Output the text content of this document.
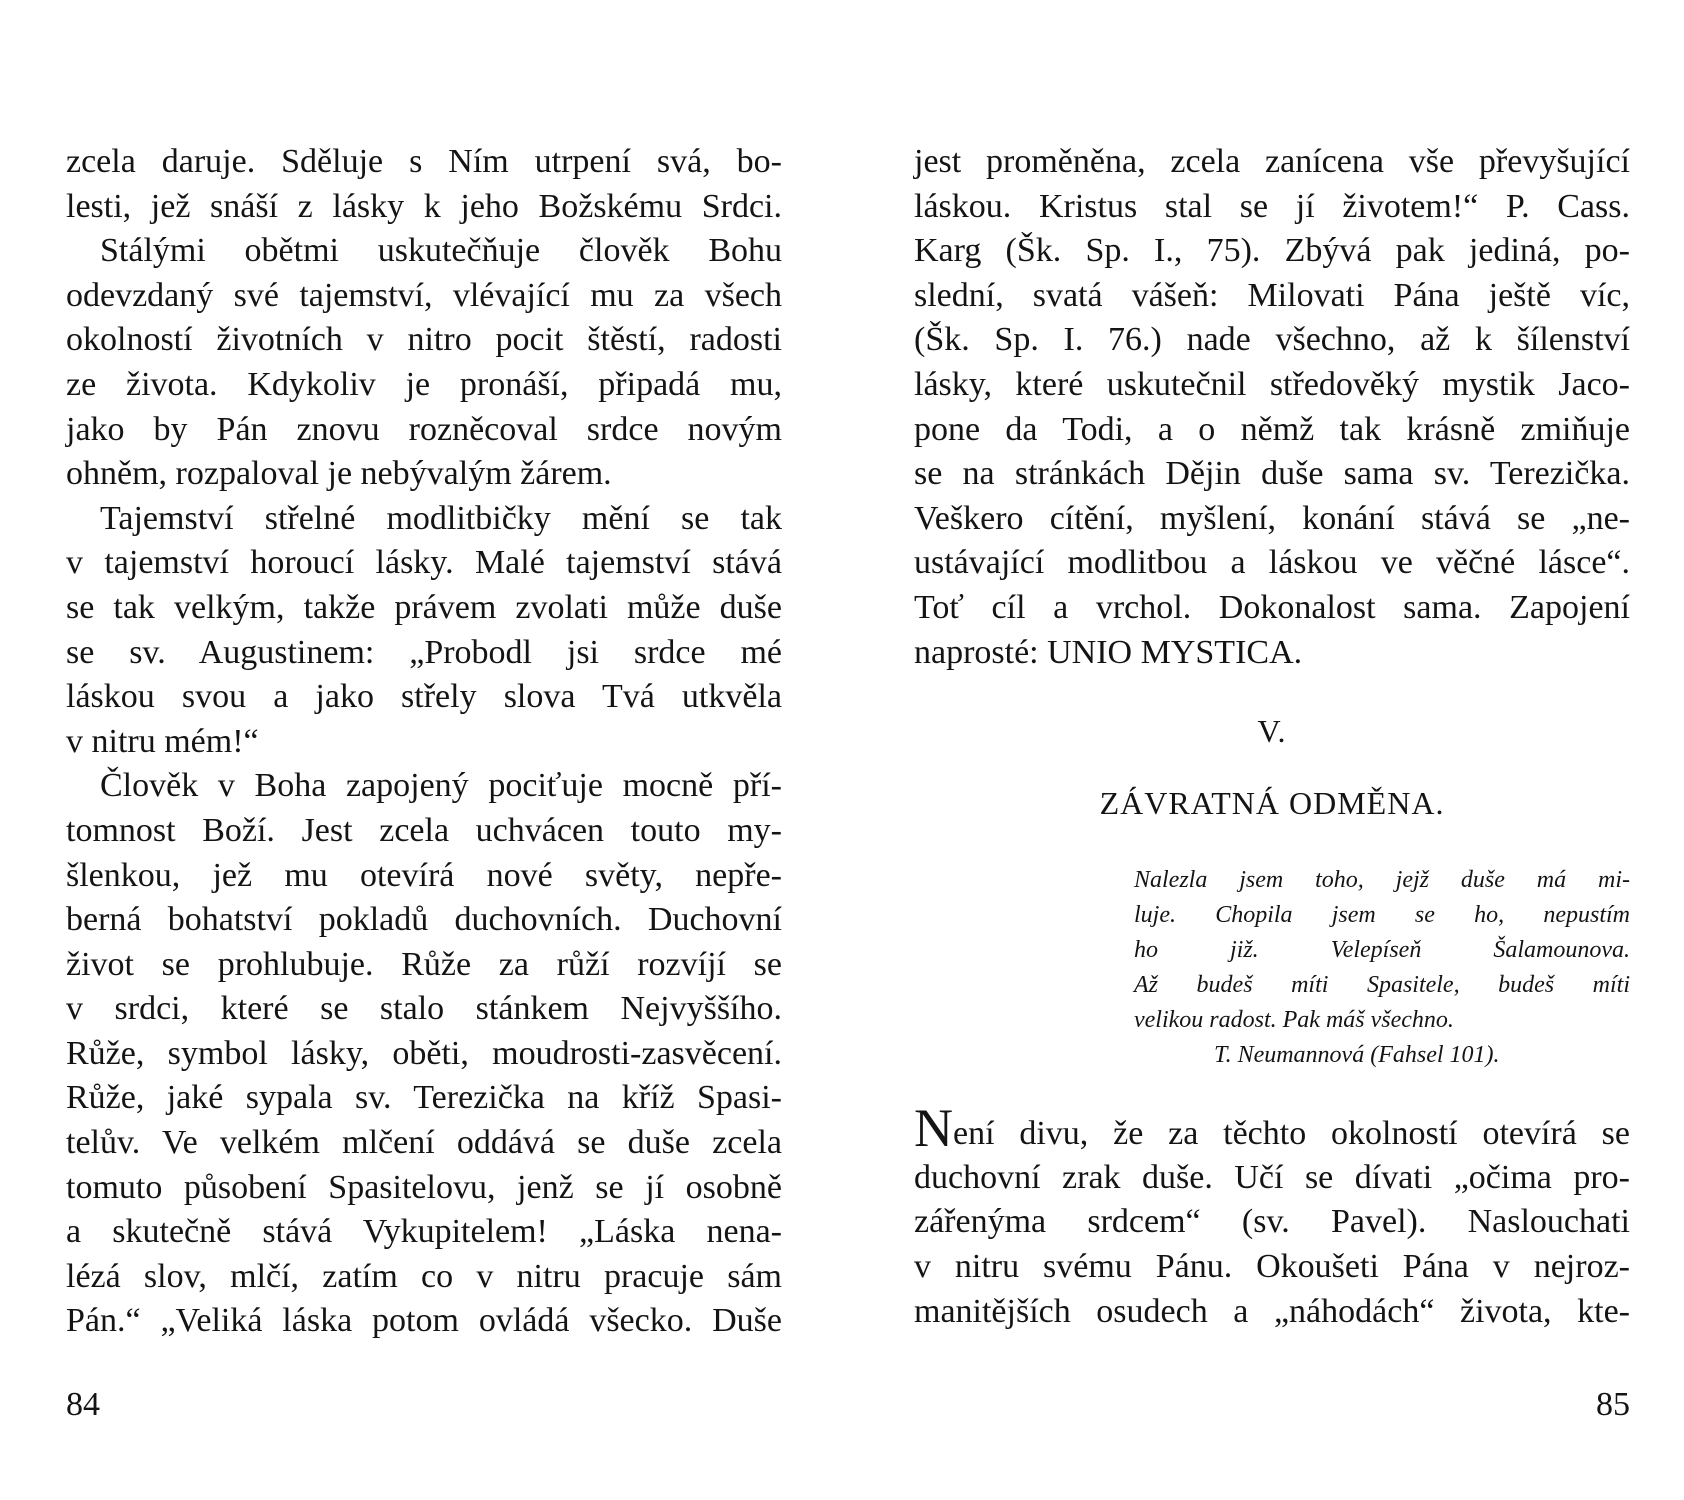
zcela daruje. Sděluje s Ním utrpení svá, bo-
lesti, jež snáší z lásky k jeho Božskému Srdci.
Stálými obětmi uskutečňuje člověk Bohu
odevzdaný své tajemství, vlévající mu za všech
okolností životních v nitro pocit štěstí, radosti
ze života. Kdykoliv je pronáší, připadá mu,
jako by Pán znovu rozněcoval srdce novým
ohněm, rozpaloval je nebývalým žárem.
Tajemství střelné modlitbičky mění se tak
v tajemství horoucí lásky. Malé tajemství stává
se tak velkým, takže právem zvolati může duše
se sv. Augustinem: „Probodl jsi srdce mé
láskou svou a jako střely slova Tvá utkvěla
v nitru mém!“
Člověk v Boha zapojený pociťuje mocně pří-
tomnost Boží. Jest zcela uchvácen touto my-
šlenkou, jež mu otevírá nové světy, nepře-
berná bohatství pokladů duchovních. Duchovní
život se prohlubuje. Růže za růží rozvíjí se
v srdci, které se stalo stánkem Nejvyššího.
Růže, symbol lásky, oběti, moudrosti-zasvěcení.
Růže, jaké sypala sv. Terezička na kříž Spasi-
telův. Ve velkém mlčení oddává se duše zcela
tomuto působení Spasitelovu, jenž se jí osobně
a skutečně stává Vykupitelem! „Láska nena-
lézá slov, mlčí, zatím co v nitru pracuje sám
Pán.“ „Veliká láska potom ovládá všecko. Duše
84
jest proměněna, zcela zanícena vše převyšující
láskou. Kristus stal se jí životem!“ P. Cass.
Karg (Šk. Sp. I., 75). Zbývá pak jediná, po-
slední, svatá vášeň: Milovati Pána ještě víc,
(Šk. Sp. I. 76.) nade všechno, až k šílenství
lásky, které uskutečnil středověký mystik Jaco-
pone da Todi, a o němž tak krásně zmiňuje
se na stránkách Dějin duše sama sv. Terezička.
Veškero cítění, myšlení, konání stává se „ne-
ustávající modlitbou a láskou ve věčné lásce“.
Toť cíl a vrchol. Dokonalost sama. Zapojení
naprosté: UNIO MYSTICA.
V.
ZÁVRATNÁ ODMĚNA.
Nalezla jsem toho, jejž duše má mi-
luje. Chopila jsem se ho, nepustím
ho již. Velepíseň Šalamounova.
Až budeš míti Spasitele, budeš míti
velikou radost. Pak máš všechno.
T. Neumannová (Fahsel 101).
Není divu, že za těchto okolností otevírá se
duchovní zrak duše. Učí se dívati „očima pro-
zářenýma srdcem“ (sv. Pavel). Naslouchati
v nitru svému Pánu. Okoušeti Pána v nejroz-
manitějších osudech a „náhodách“ života, kte-
85
